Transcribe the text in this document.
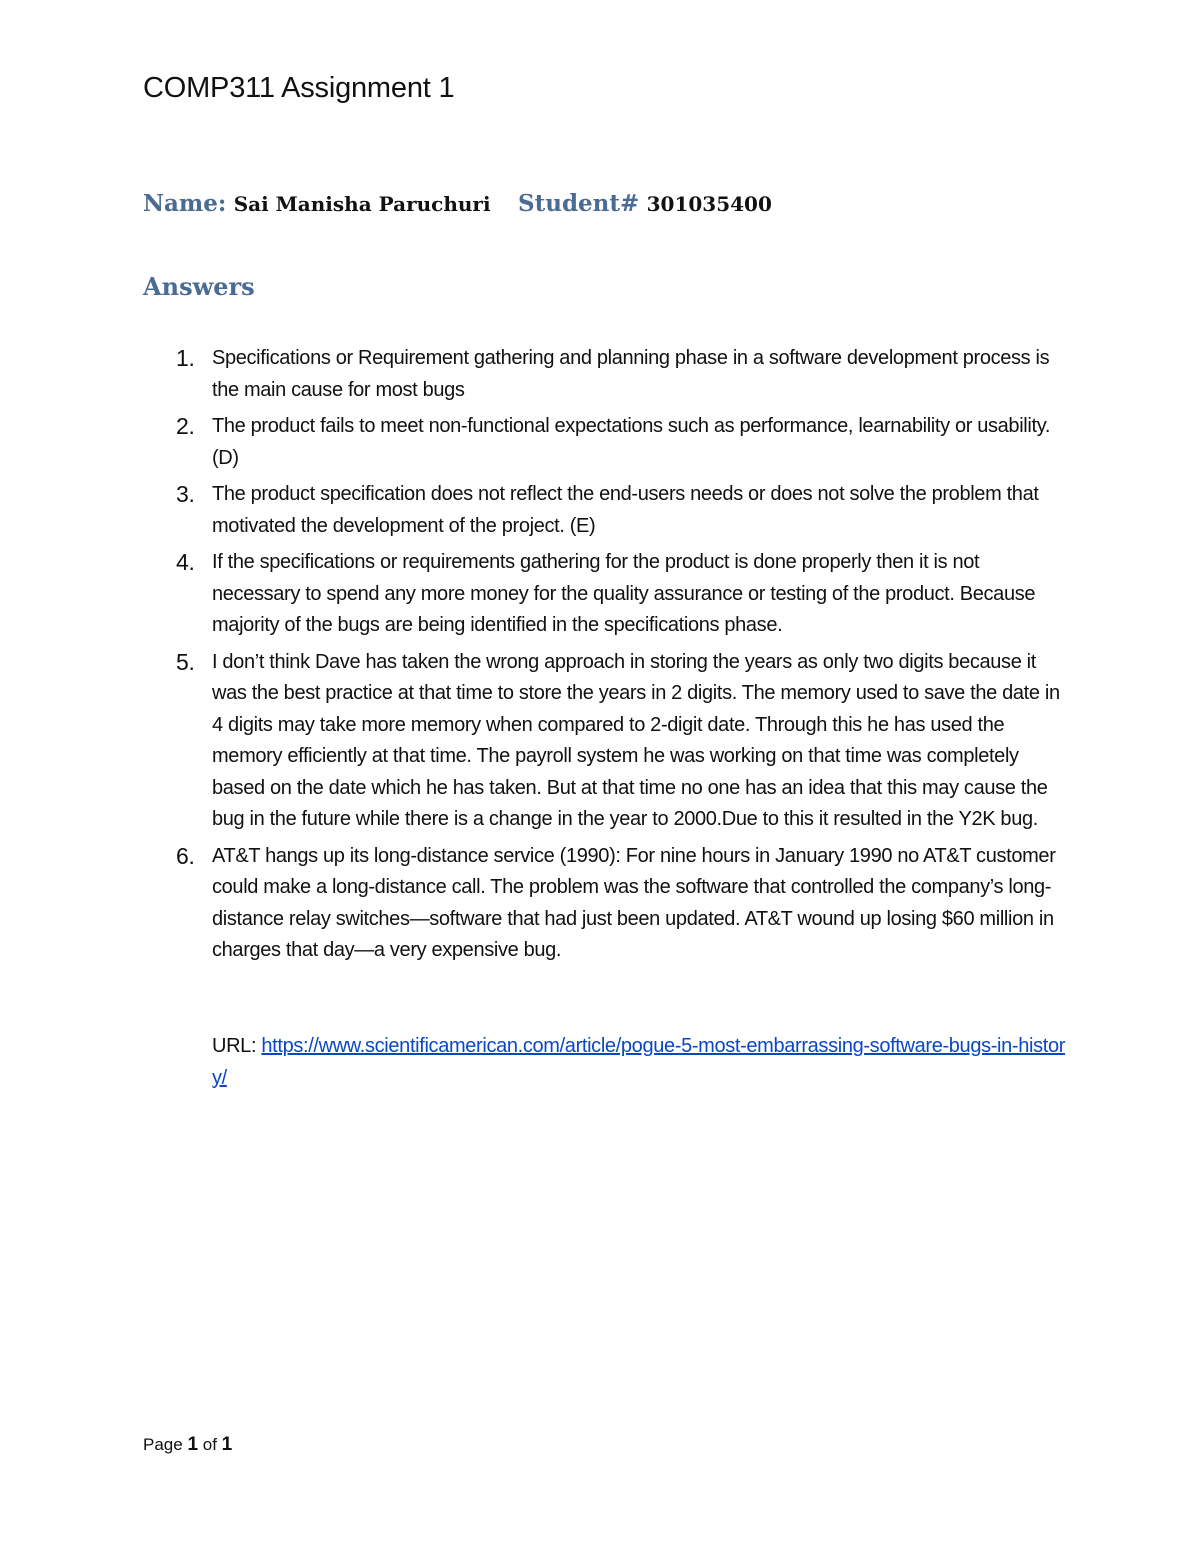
COMP311 Assignment 1
Name: Sai Manisha Paruchuri Student# 301035400
Answers
1. Specifications or Requirement gathering and planning phase in a software development process is the main cause for most bugs
2. The product fails to meet non-functional expectations such as performance, learnability or usability. (D)
3. The product specification does not reflect the end-users needs or does not solve the problem that motivated the development of the project. (E)
4. If the specifications or requirements gathering for the product is done properly then it is not necessary to spend any more money for the quality assurance or testing of the product. Because majority of the bugs are being identified in the specifications phase.
5. I don’t think Dave has taken the wrong approach in storing the years as only two digits because it was the best practice at that time to store the years in 2 digits. The memory used to save the date in 4 digits may take more memory when compared to 2-digit date. Through this he has used the memory efficiently at that time. The payroll system he was working on that time was completely based on the date which he has taken. But at that time no one has an idea that this may cause the bug in the future while there is a change in the year to 2000.Due to this it resulted in the Y2K bug.
6. AT&T hangs up its long-distance service (1990): For nine hours in January 1990 no AT&T customer could make a long-distance call. The problem was the software that controlled the company’s long-distance relay switches—software that had just been updated. AT&T wound up losing $60 million in charges that day—a very expensive bug.
URL: https://www.scientificamerican.com/article/pogue-5-most-embarrassing-software-bugs-in-history/
Page 1 of 1
